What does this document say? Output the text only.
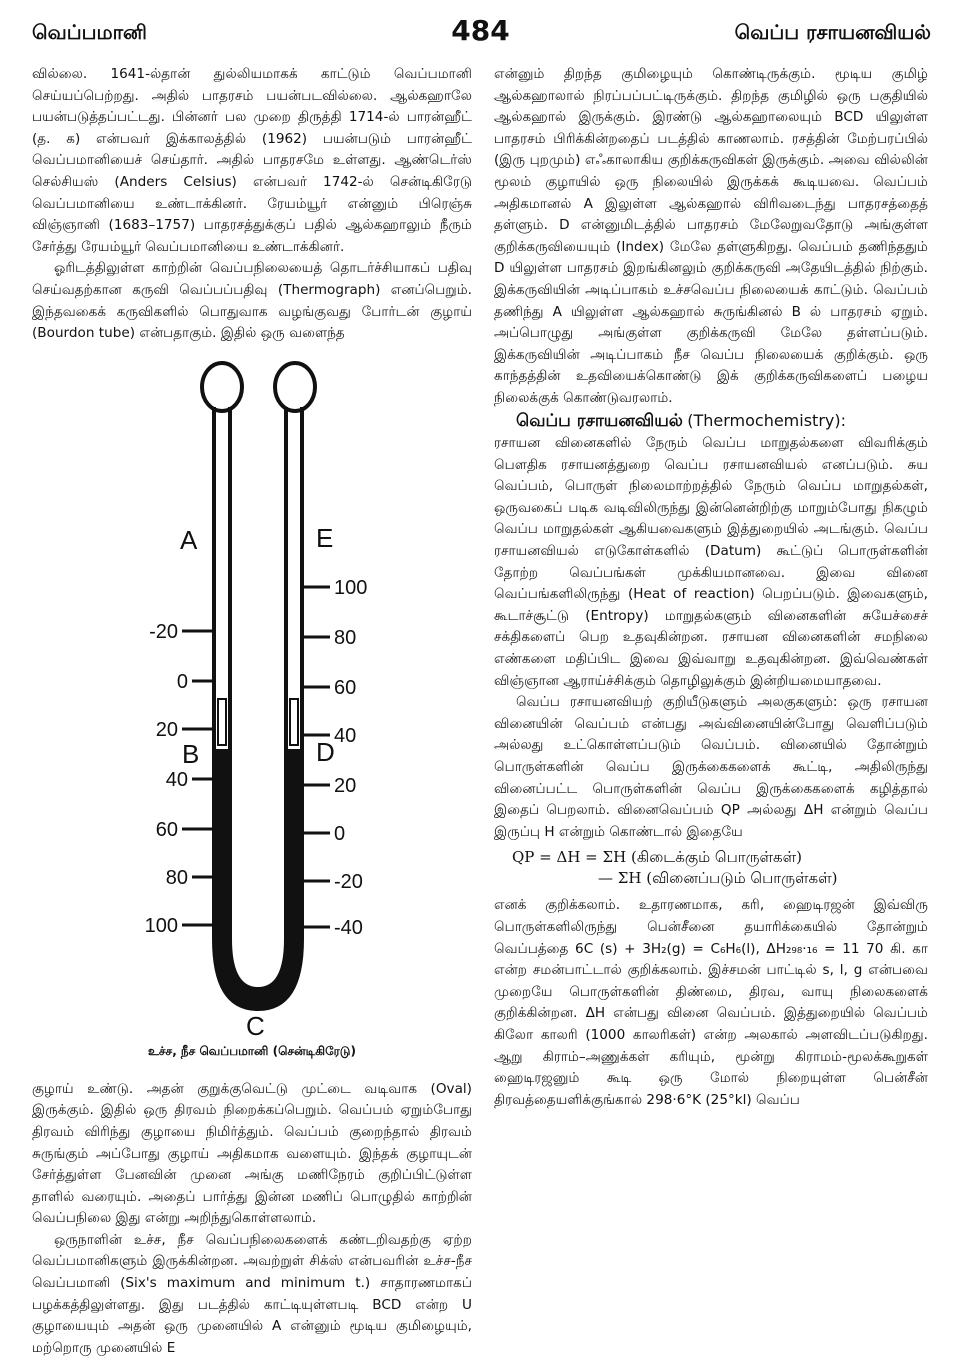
வெப்பமானி	484	வெப்ப ரசாயனவியல்

வில்லை. 1641-ல்தான் துல்லியமாகக் காட்டும் வெப்பமானி செய்யப்பெற்றது. அதில் பாதரசம் பயன்படவில்லை. ஆல்கஹாலே பயன்படுத்தப்பட்டது. பின்னர் பல முறை திருத்தி 1714-ல் பாரன்ஹீட் (த. க) என்பவர் இக்காலத்தில் (1962) பயன்படும் பாரன்ஹீட் வெப்பமானியைச் செய்தார். அதில் பாதரசமே உள்ளது. ஆண்டெர்ஸ் செல்சியஸ் (Anders Celsius) என்பவர் 1742-ல் சென்டிகிரேடு வெப்பமானியை உண்டாக்கினர். ரேயம்யூர் என்னும் பிரெஞ்சு விஞ்ஞானி (1683–1757) பாதரசத்துக்குப் பதில் ஆல்கஹாலும் நீரும் சேர்த்து ரேயம்யூர் வெப்பமானியை உண்டாக்கினர்.

ஓரிடத்திலுள்ள காற்றின் வெப்பநிலையைத் தொடர்ச்சியாகப் பதிவு செய்வதற்கான கருவி வெப்பப்பதிவு (Thermograph) எனப்பெறும். இந்தவகைக் கருவிகளில் பொதுவாக வழங்குவது போர்டன் குழாய் (Bourdon tube) என்பதாகும். இதில் ஒரு வளைந்த

A	E
B	D
C
-20
0
20
40
60
80
100
100
80
60
40
20
0
-20
-40
உச்ச, நீச வெப்பமானி (சென்டிகிரேடு)

குழாய் உண்டு. அதன் குறுக்குவெட்டு முட்டை வடிவாக (Oval) இருக்கும். இதில் ஒரு திரவம் நிறைக்கப்பெறும். வெப்பம் ஏறும்போது திரவம் விரிந்து குழாயை நிமிர்த்தும். வெப்பம் குறைந்தால் திரவம் சுருங்கும் அப்போது குழாய் அதிகமாக வளையும். இந்தக் குழாயுடன் சேர்த்துள்ள பேனவின் முனை அங்கு மணிநேரம் குறிப்பிட்டுள்ள தாளில் வரையும். அதைப் பார்த்து இன்ன மணிப் பொழுதில் காற்றின் வெப்பநிலை இது என்று அறிந்துகொள்ளலாம்.

ஒருநாளின் உச்ச, நீச வெப்பநிலைகளைக் கண்டறிவதற்கு ஏற்ற வெப்பமானிகளும் இருக்கின்றன. அவற்றுள் சிக்ஸ் என்பவரின் உச்ச-நீச வெப்பமானி (Six's maximum and minimum t.) சாதாரணமாகப் பழக்கத்திலுள்ளது. இது படத்தில் காட்டியுள்ளபடி BCD என்ற U குழாயையும் அதன் ஒரு முனையில் A என்னும் மூடிய குமிழையும், மற்றொரு முனையில் E

என்னும் திறந்த குமிழையும் கொண்டிருக்கும். மூடிய குமிழ் ஆல்கஹாலால் நிரப்பப்பட்டிருக்கும். திறந்த குமிழில் ஒரு பகுதியில் ஆல்கஹால் இருக்கும். இரண்டு ஆல்கஹாலையும் BCD யிலுள்ள பாதரசம் பிரிக்கின்றதைப் படத்தில் காணலாம். ரசத்தின் மேற்பரப்பில் (இரு புறமும்) எஃகாலாகிய குறிக்கருவிகள் இருக்கும். அவை வில்லின் மூலம் குழாயில் ஒரு நிலையில் இருக்கக் கூடியவை. வெப்பம் அதிகமானல் A இலுள்ள ஆல்கஹால் விரிவடைந்து பாதரசத்தைத் தள்ளும். D என்னுமிடத்தில் பாதரசம் மேலேறுவதோடு அங்குள்ள குறிக்கருவியையும் (Index) மேலே தள்ளுகிறது. வெப்பம் தணிந்ததும் D யிலுள்ள பாதரசம் இறங்கினலும் குறிக்கருவி அதேயிடத்தில் நிற்கும். இக்கருவியின் அடிப்பாகம் உச்சவெப்ப நிலையைக் காட்டும். வெப்பம் தணிந்து A யிலுள்ள ஆல்கஹால் சுருங்கினல் B ல் பாதரசம் ஏறும். அப்பொழுது அங்குள்ள குறிக்கருவி மேலே தள்ளப்படும். இக்கருவியின் அடிப்பாகம் நீச வெப்ப நிலையைக் குறிக்கும். ஒரு காந்தத்தின் உதவியைக்கொண்டு இக் குறிக்கருவிகளைப் பழைய நிலைக்குக் கொண்டுவரலாம்.

வெப்ப ரசாயனவியல் (Thermochemistry):

ரசாயன வினைகளில் நேரும் வெப்ப மாறுதல்களை விவரிக்கும் பௌதிக ரசாயனத்துறை வெப்ப ரசாயனவியல் எனப்படும். சுய வெப்பம், பொருள் நிலைமாற்றத்தில் நேரும் வெப்ப மாறுதல்கள், ஒருவகைப் படிக வடிவிலிருந்து இன்னென்றிற்கு மாறும்போது நிகழும் வெப்ப மாறுதல்கள் ஆகியவைகளும் இத்துறையில் அடங்கும். வெப்ப ரசாயனவியல் எடுகோள்களில் (Datum) கூட்டுப் பொருள்களின் தோற்ற வெப்பங்கள் முக்கியமானவை. இவை வினை வெப்பங்களிலிருந்து (Heat of reaction) பெறப்படும். இவைகளும், கூடாச்சூட்டு (Entropy) மாறுதல்களும் வினைகளின் சுயேச்சைச் சக்திகளைப் பெற உதவுகின்றன. ரசாயன வினைகளின் சமநிலை எண்களை மதிப்பிட இவை இவ்வாறு உதவுகின்றன. இவ்வெண்கள் விஞ்ஞான ஆராய்ச்சிக்கும் தொழிலுக்கும் இன்றியமையாதவை.

வெப்ப ரசாயனவியற் குறியீடுகளும் அலகுகளும்: ஒரு ரசாயன வினையின் வெப்பம் என்பது அவ்வினையின்போது வெளிப்படும் அல்லது உட்கொள்ளப்படும் வெப்பம். வினையில் தோன்றும் பொருள்களின் வெப்ப இருக்கைகளைக் கூட்டி, அதிலிருந்து வினைப்பட்ட பொருள்களின் வெப்ப இருக்கைகளைக் கழித்தால் இதைப் பெறலாம். வினைவெப்பம் QP அல்லது ΔH என்றும் வெப்ப இருப்பு H என்றும் கொண்டால் இதையே

QP = ΔH = ΣH (கிடைக்கும் பொருள்கள்)
— ΣH (வினைப்படும் பொருள்கள்)

எனக் குறிக்கலாம். உதாரணமாக, கரி, ஹைடிரஜன் இவ்விரு பொருள்களிலிருந்து பென்சீனை தயாரிக்கையில் தோன்றும் வெப்பத்தை 6C (s) + 3H₂(g) = C₆H₆(l), ΔH₂₉₈·₁₆ = 11 70 கி. கா என்ற சமன்பாட்டால் குறிக்கலாம். இச்சமன் பாட்டில் s, l, g என்பவை முறையே பொருள்களின் திண்மை, திரவ, வாயு நிலைகளைக் குறிக்கின்றன. ΔH என்பது வினை வெப்பம். இத்துறையில் வெப்பம் கிலோ காலரி (1000 காலரிகள்) என்ற அலகால் அளவிடப்படுகிறது. ஆறு கிராம்–அணுக்கள் கரியும், மூன்று கிராமம்-மூலக்கூறுகள் ஹைடிரஜனும் கூடி ஒரு மோல் நிறையுள்ள பென்சீன் திரவத்தையளிக்குங்கால் 298·6°K (25°kl) வெப்ப
